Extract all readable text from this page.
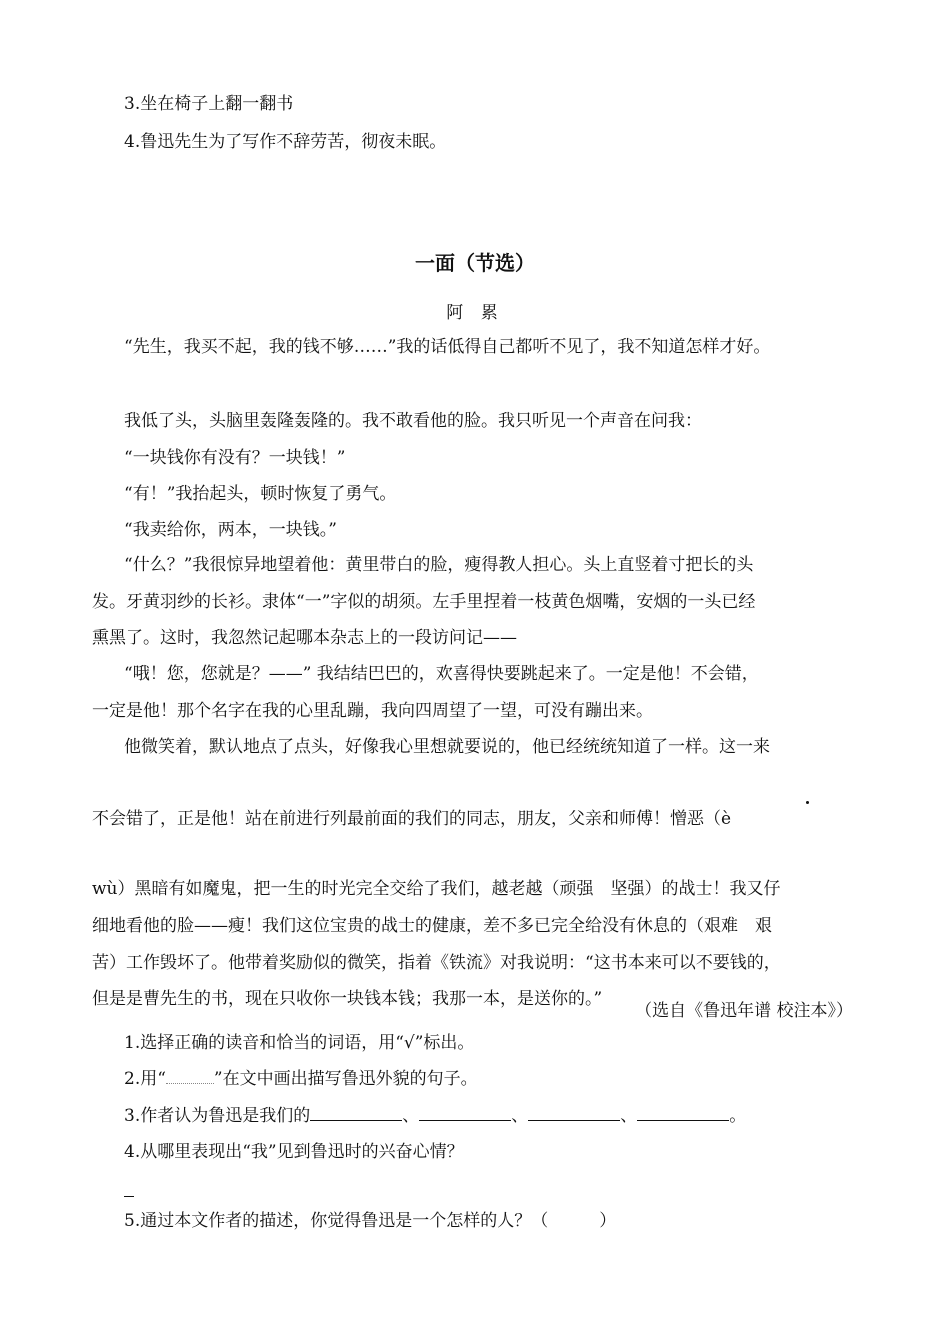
3.坐在椅子上翻一翻书
4.鲁迅先生为了写作不辞劳苦，彻夜未眠。
一面（节选）
阿 累
“先生，我买不起，我的钱不够……”我的话低得自己都听不见了，我不知道怎样才好。
我低了头，头脑里轰隆轰隆的。我不敢看他的脸。我只听见一个声音在问我：
“一块钱你有没有？一块钱！”
“有！”我抬起头，顿时恢复了勇气。
“我卖给你，两本，一块钱。”
“什么？”我很惊异地望着他：黄里带白的脸，瘦得教人担心。头上直竖着寸把长的头
发。牙黄羽纱的长衫。隶体“一”字似的胡须。左手里捏着一枝黄色烟嘴，安烟的一头已经
熏黑了。这时，我忽然记起哪本杂志上的一段访问记——
“哦！您，您就是？——” 我结结巴巴的，欢喜得快要跳起来了。一定是他！不会错，
一定是他！那个名字在我的心里乱蹦，我向四周望了一望，可没有蹦出来。
他微笑着，默认地点了点头，好像我心里想就要说的，他已经统统知道了一样。这一来
不会错了，正是他！站在前进行列最前面的我们的同志，朋友，父亲和师傅！憎恶（è
wù）黑暗有如魔鬼，把一生的时光完全交给了我们，越老越（顽强　坚强）的战士！我又仔
细地看他的脸——瘦！我们这位宝贵的战士的健康，差不多已完全给没有休息的（艰难　艰
苦）工作毁坏了。他带着奖励似的微笑，指着《铁流》对我说明：“这书本来可以不要钱的，
但是是曹先生的书，现在只收你一块钱本钱；我那一本，是送你的。”
（选自《鲁迅年谱 校注本》）
1.选择正确的读音和恰当的词语，用“√”标出。
2.用“	”在文中画出描写鲁迅外貌的句子。
3.作者认为鲁迅是我们的	、	、	、	。
4.从哪里表现出“我”见到鲁迅时的兴奋心情？
5.通过本文作者的描述，你觉得鲁迅是一个怎样的人？（　　　）
